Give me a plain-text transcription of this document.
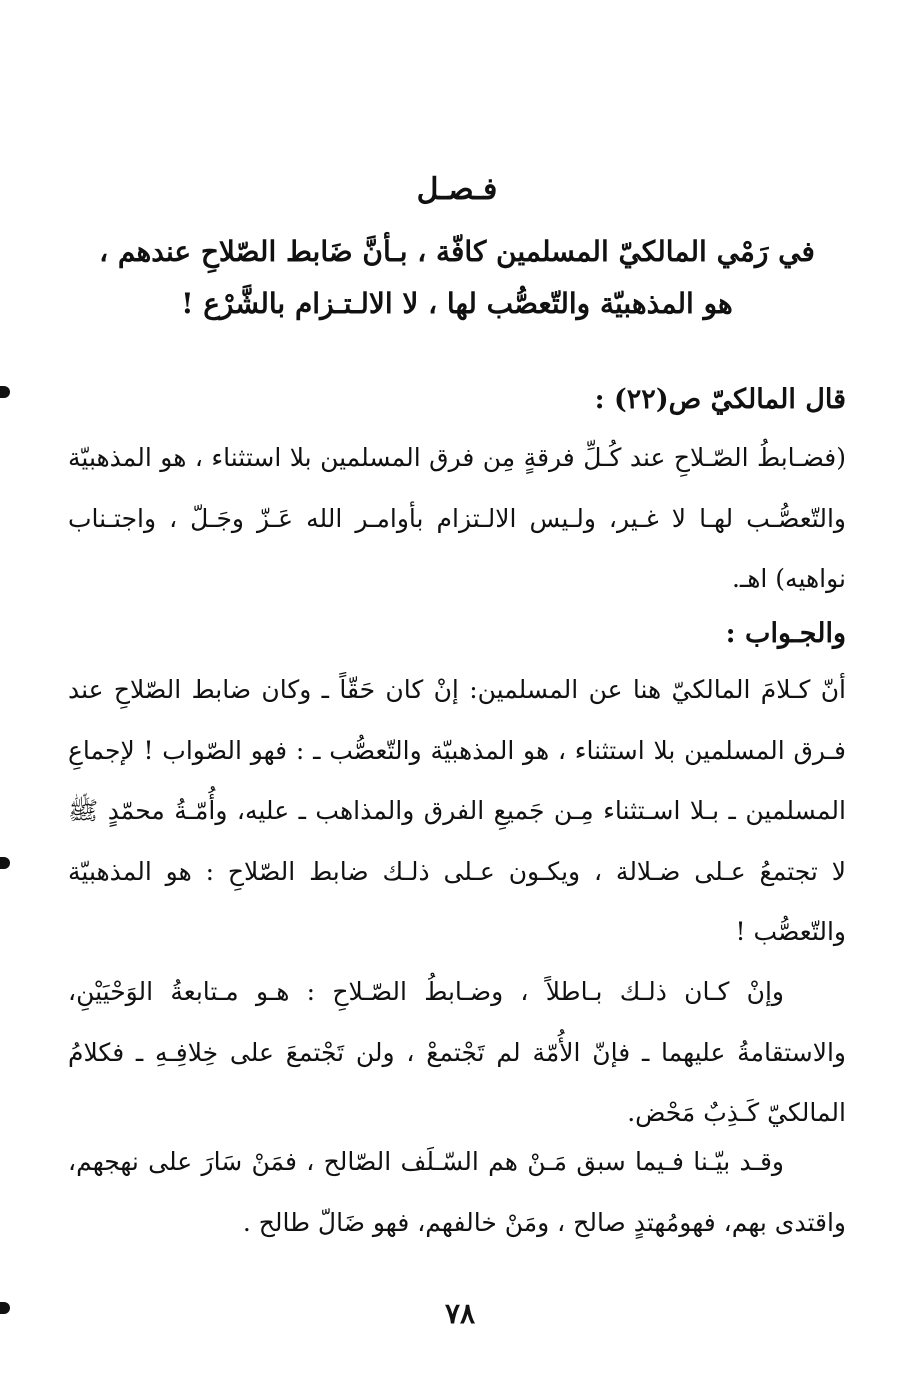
فـصـل
في رَمْي المالكيّ المسلمين كافّة ، بـأنَّ ضَابط الصّلاحِ عندهم ،
هو المذهبيّة والتّعصُّب لها ، لا الالـتـزام بالشَّرْع !
قال المالكيّ ص(٢٢) :

(فضـابطُ الصّـلاحِ عند كُـلِّ فرقةٍ مِن فرق المسلمين بلا استثناء ، هو المذهبيّة والتّعصُّـب لهـا لا غـير، ولـيس الالـتزام بأوامـر الله عَـزّ وجَـلّ ، واجتـناب نواهيه) اهـ.

والجـواب :

أنّ كـلامَ المالكيّ هنا عن المسلمين: إنْ كان حَقّاً ـ وكان ضابط الصّلاحِ عند فـرق المسلمين بلا استثناء ، هو المذهبيّة والتّعصُّب ـ : فهو الصّواب ! لإجماعِ المسلمين ـ بـلا اسـتثناء مِـن جَميعِ الفرق والمذاهب ـ عليه، وأُمّـةُ محمّدٍ ﷺ لا تجتمعُ عـلى ضـلالة ، ويكـون عـلى ذلـك ضابط الصّلاحِ : هو المذهبيّة والتّعصُّب !

وإنْ كـان ذلـك بـاطلاً ، وضـابطُ الصّـلاحِ : هـو مـتابعةُ الوَحْيَيْنِ، والاستقامةُ عليهما ـ فإنّ الأُمّة لم تَجْتمعْ ، ولن تَجْتمعَ على خِلافِـهِ ـ فكلامُ المالكيّ كَـذِبٌ مَحْض.

وقـد بيّـنا فـيما سبق مَـنْ هم السّـلَف الصّالح ، فمَنْ سَارَ على نهجهم، واقتدى بهم، فهومُهتدٍ صالح ، ومَنْ خالفهم، فهو ضَالّ طالح .

٧٨
